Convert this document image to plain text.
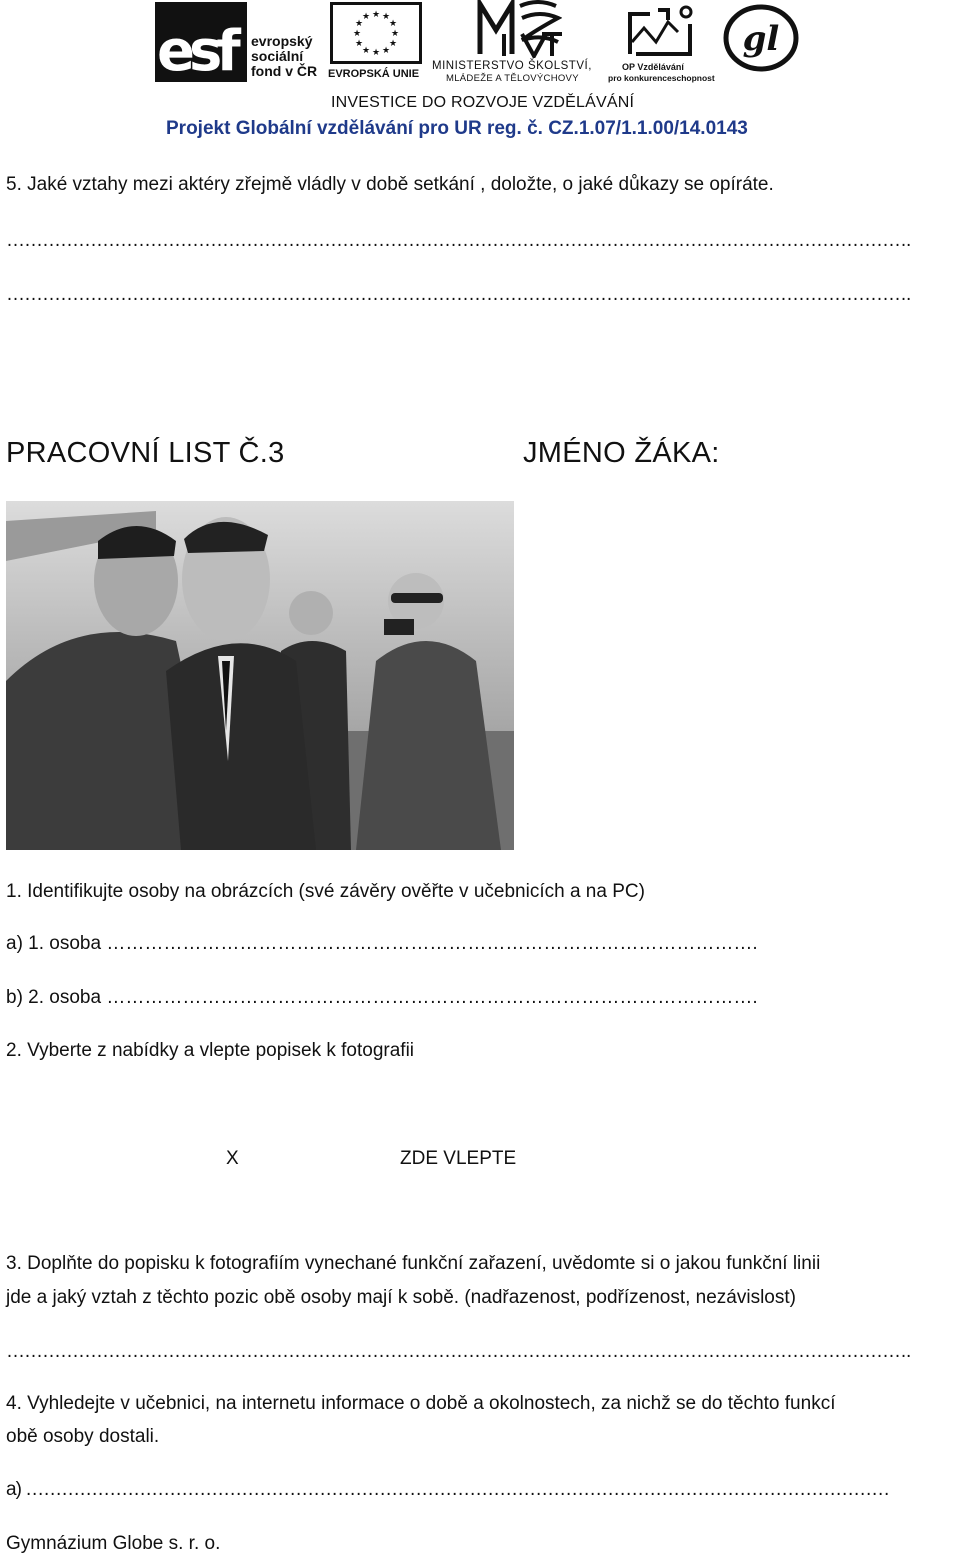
esf evropský
sociální
fond v ČR
★ ★
★
★
★
★
★
★
★
★
★
★
EVROPSKÁ UNIE
MINISTERSTVO ŠKOLSTVÍ,
MLÁDEŽE A TĚLOVÝCHOVY
OP Vzdělávání
pro konkurenceschopnost
gl
INVESTICE DO ROZVOJE VZDĚLÁVÁNÍ
Projekt Globální vzdělávání pro UR reg. č. CZ.1.07/1.1.00/14.0143
5. Jaké vztahy mezi aktéry zřejmě vládly v době setkání , doložte, o jaké důkazy se opíráte.
…………………………………………………………………………………………………………………………………….
…………………………………………………………………………………………………………………………………….
PRACOVNÍ LIST Č.3	JMÉNO ŽÁKA:
1. Identifikujte osoby na obrázcích (své závěry ověřte v učebnicích a na PC)
a) 1. osoba ………………………………………………………………………………………….
b) 2. osoba ………………………………………………………………………………………….
2. Vyberte z nabídky a vlepte popisek k fotografii
X	ZDE VLEPTE
3. Doplňte do popisku k fotografiím vynechané funkční zařazení, uvědomte si o jakou funkční linii
jde a jaký vztah z těchto pozic obě osoby mají k sobě. (nadřazenost, podřízenost, nezávislost)
…………………………………………………………………………………………………………………………………….
4. Vyhledejte v učebnici, na internetu informace o době a okolnostech, za nichž se do těchto funkcí
obě osoby dostali.
a) ………………………………………………………………………………………………………………………………
Gymnázium Globe s. r. o.
